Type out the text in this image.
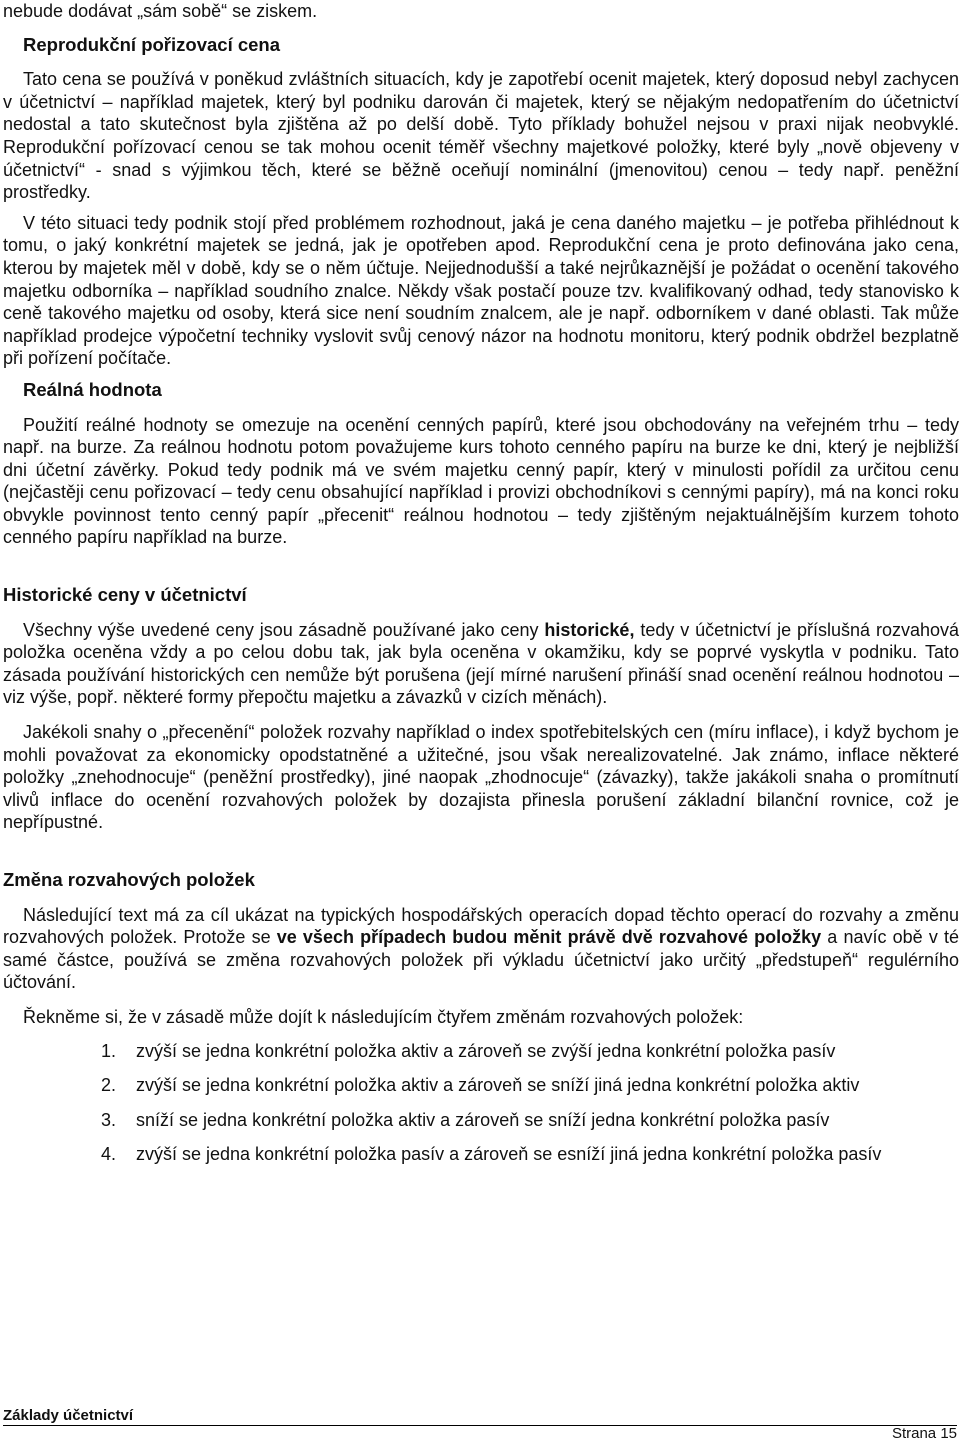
nebude dodávat „sám sobě“ se ziskem.

Reprodukční pořizovací cena

Tato cena se používá v poněkud zvláštních situacích, kdy je zapotřebí ocenit majetek, který doposud nebyl zachycen v účetnictví – například majetek, který byl podniku darován či majetek, který se nějakým nedopatřením do účetnictví nedostal a tato skutečnost byla zjištěna až po delší době. Tyto příklady bohužel nejsou v praxi nijak neobvyklé. Reprodukční pořízovací cenou se tak mohou ocenit téměř všechny majetkové položky, které byly „nově objeveny v účetnictví“ - snad s výjimkou těch, které se běžně oceňují nominální (jmenovitou) cenou – tedy např. peněžní prostředky.

V této situaci tedy podnik stojí před problémem rozhodnout, jaká je cena daného majetku – je potřeba přihlédnout k tomu, o jaký konkrétní majetek se jedná, jak je opotřeben apod. Reprodukční cena je proto definována jako cena, kterou by majetek měl v době, kdy se o něm účtuje. Nejjednodušší a také nejrůkaznější je požádat o ocenění takového majetku odborníka – například soudního znalce. Někdy však postačí pouze tzv. kvalifikovaný odhad, tedy stanovisko k ceně takového majetku od osoby, která sice není soudním znalcem, ale je např. odborníkem v dané oblasti. Tak může například prodejce výpočetní techniky vyslovit svůj cenový názor na hodnotu monitoru, který podnik obdržel bezplatně při pořízení počítače.

Reálná hodnota

Použití reálné hodnoty se omezuje na ocenění cenných papírů, které jsou obchodovány na veřejném trhu – tedy např. na burze. Za reálnou hodnotu potom považujeme kurs tohoto cenného papíru na burze ke dni, který je nejbližší dni účetní závěrky. Pokud tedy podnik má ve svém majetku cenný papír, který v minulosti pořídil za určitou cenu (nejčastěji cenu pořizovací – tedy cenu obsahující například i provizi obchodníkovi s cennými papíry), má na konci roku obvykle povinnost tento cenný papír „přecenit“ reálnou hodnotou – tedy zjištěným nejaktuálnějším kurzem tohoto cenného papíru například na burze.

Historické ceny v účetnictví

Všechny výše uvedené ceny jsou zásadně používané jako ceny historické, tedy v účetnictví je příslušná rozvahová položka oceněna vždy a po celou dobu tak, jak byla oceněna v okamžiku, kdy se poprvé vyskytla v podniku. Tato zásada používání historických cen nemůže být porušena (její mírné narušení přináší snad ocenění reálnou hodnotou – viz výše, popř. některé formy přepočtu majetku a závazků v cizích měnách).

Jakékoli snahy o „přecenění“ položek rozvahy například o index spotřebitelských cen (míru inflace), i když bychom je mohli považovat za ekonomicky opodstatněné a užitečné, jsou však nerealizovatelné. Jak známo, inflace některé položky „znehodnocuje“ (peněžní prostředky), jiné naopak „zhodnocuje“ (závazky), takže jakákoli snaha o promítnutí vlivů inflace do ocenění rozvahových položek by dozajista přinesla porušení základní bilanční rovnice, což je nepřípustné.

Změna rozvahových položek

Následující text má za cíl ukázat na typických hospodářských operacích dopad těchto operací do rozvahy a změnu rozvahových položek. Protože se ve všech případech budou měnit právě dvě rozvahové položky a navíc obě v té samé částce, používá se změna rozvahových položek při výkladu účetnictví jako určitý „předstupeň“ regulérního účtování.

Řekněme si, že v zásadě může dojít k následujícím čtyřem změnám rozvahových položek:

1. zvýší se jedna konkrétní položka aktiv a zároveň se zvýší jedna konkrétní položka pasív
2. zvýší se jedna konkrétní položka aktiv a zároveň se sníží jiná jedna konkrétní položka aktiv
3. sníží se jedna konkrétní položka aktiv a zároveň se sníží jedna konkrétní položka pasív
4. zvýší se jedna konkrétní položka pasív a zároveň se esníží jiná jedna konkrétní položka pasív
Základy účetnictví
Strana 15
